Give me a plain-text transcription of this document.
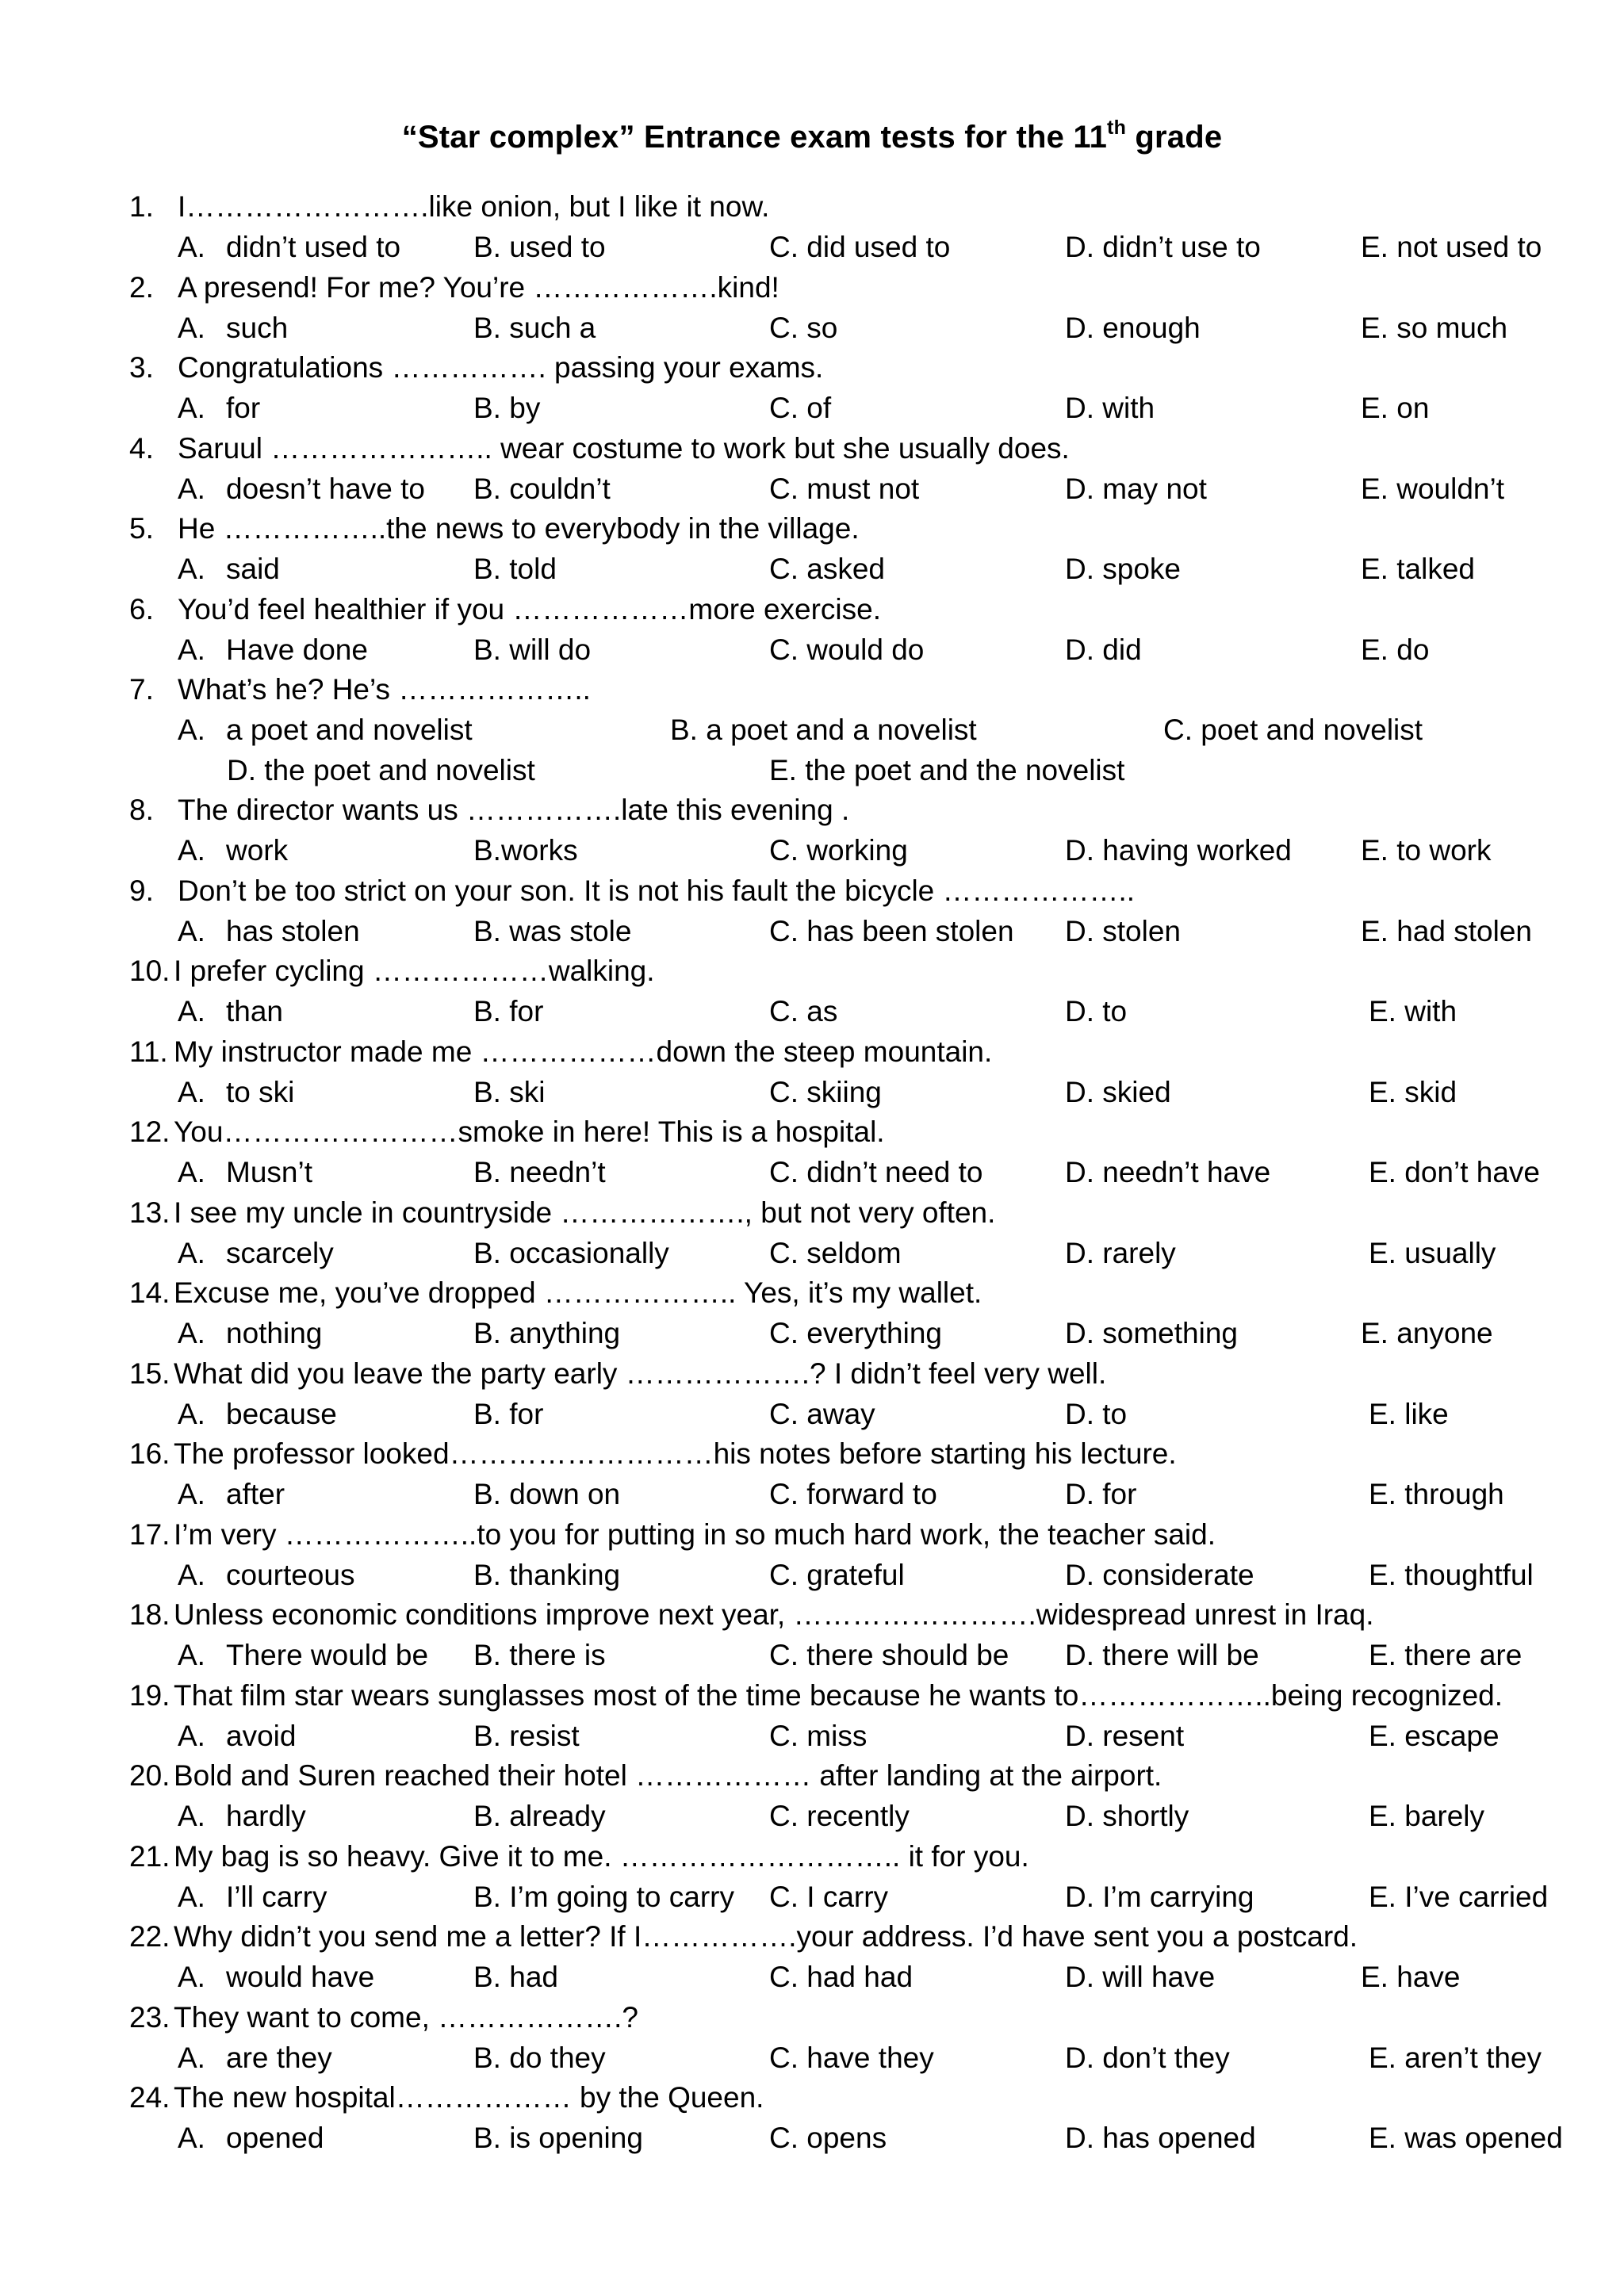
“Star complex” Entrance exam tests for the 11th grade
1. I…………………….like onion, but I like it now.
A. didn’t used to B. used to	C. did used to	D. didn’t use to	E. not used to
2. A presend! For me? You’re ……………….kind!
A. such	B. such a	C. so	D. enough	E. so much
3. Congratulations ……………. passing your exams.
A. for	B. by	C. of	D. with	E. on
4. Saruul ………………….. wear costume to work but she usually does.
A. doesn’t have to B. couldn’t	C. must not	D. may not	E. wouldn’t
5. He ……………..the news to everybody in the village.
A. said	B. told	C. asked	D. spoke	E. talked
6. You’d feel healthier if you ………………more exercise.
A. Have done	B. will do	C. would do	D. did	E. do
7. What’s he? He’s ………………..
A. a poet and novelist	B. a poet and a novelist	C. poet and novelist
D. the poet and novelist	E. the poet and the novelist
8. The director wants us …………….late this evening .
A. work	B.works	C. working	D. having worked E. to work
9. Don’t be too strict on your son. It is not his fault the bicycle ………………..
A. has stolen	B. was stole	C. has been stolen D. stolen	E. had stolen
10. I prefer cycling ………………walking.
A. than	B. for	C. as	D. to	E. with
11. My instructor made me ………………down the steep mountain.
A. to ski	B. ski	C. skiing	D. skied	E. skid
12. You……………………smoke in here! This is a hospital.
A. Musn’t	B. needn’t	C. didn’t need to	D. needn’t have	E. don’t have
13. I see my uncle in countryside ………………., but not very often.
A. scarcely	B. occasionally	C. seldom	D. rarely	E. usually
14. Excuse me, you’ve dropped ……………….. Yes, it’s my wallet.
A. nothing	B. anything	C. everything	D. something	E. anyone
15. What did you leave the party early ……………….? I didn’t feel very well.
A. because	B. for	C. away	D. to	E. like
16. The professor looked………………………his notes before starting his lecture.
A. after	B. down on	C. forward to	D. for	E. through
17. I’m very ………………..to you for putting in so much hard work, the teacher said.
A. courteous	B. thanking	C. grateful	D. considerate	E. thoughtful
18. Unless economic conditions improve next year, …………………….widespread unrest in Iraq.
A. There would be B. there is	C. there should be D. there will be	E. there are
19. That film star wears sunglasses most of the time because he wants to………………..being recognized.
A. avoid	B. resist	C. miss	D. resent	E. escape
20. Bold and Suren reached their hotel ……………… after landing at the airport.
A. hardly	B. already	C. recently	D. shortly	E. barely
21. My bag is so heavy. Give it to me. ……………………….. it for you.
A. I’ll carry	B. I’m going to carry C. I carry	D. I’m carrying	E. I’ve carried
22. Why didn’t you send me a letter? If I…………….your address. I’d have sent you a postcard.
A. would have	B. had	C. had had	D. will have	E. have
23. They want to come, ……………….?
A. are they	B. do they	C. have they	D. don’t they	E. aren’t they
24. The new hospital……………… by the Queen.
A. opened	B. is opening	C. opens	D. has opened	E. was opened
